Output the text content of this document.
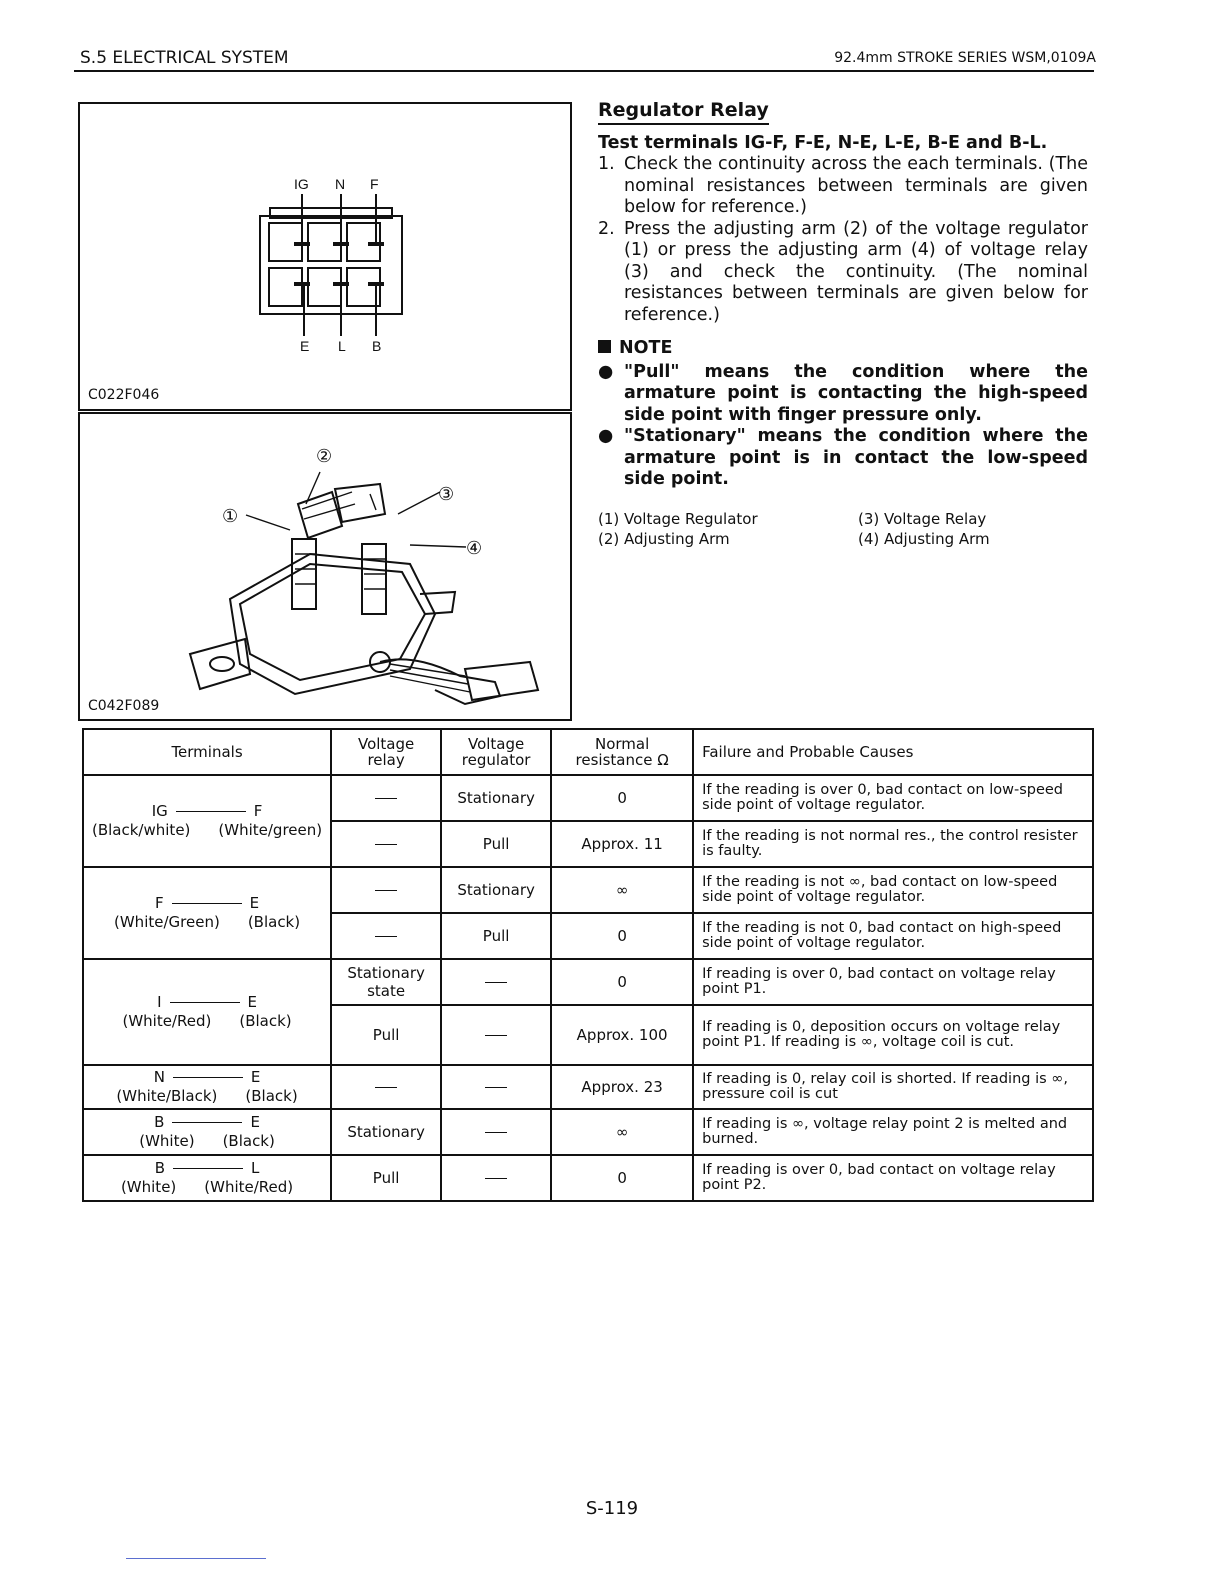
S.5 ELECTRICAL SYSTEM	92.4mm STROKE SERIES WSM,0109A
IG N F
E L B
C022F046
①
②
③
④
C042F089
Regulator Relay
Test terminals IG-F, F-E, N-E, L-E, B-E and B-L.
1. Check the continuity across the each terminals. (The nominal resistances between terminals are given below for reference.)
2. Press the adjusting arm (2) of the voltage regulator (1) or press the adjusting arm (4) of voltage relay (3) and check the continuity. (The nominal resistances between terminals are given below for reference.)
NOTE
● "Pull" means the condition where the armature point is contacting the high-speed side point with finger pressure only.
● "Stationary" means the condition where the armature point is in contact the low-speed side point.
(1) Voltage Regulator	(3) Voltage Relay
(2) Adjusting Arm	(4) Adjusting Arm
Terminals	Voltage relay	Voltage regulator	Normal resistance Ω	Failure and Probable Causes

IG F
(Black/white) (White/green)		Stationary	0	If the reading is over 0, bad contact on low-speed side point of voltage regulator.
		Pull	Approx. 11	If the reading is not normal res., the control resister is faulty.

F E
(White/Green) (Black)		Stationary	∞	If the reading is not ∞, bad contact on low-speed side point of voltage regulator.
		Pull	0	If the reading is not 0, bad contact on high-speed side point of voltage regulator.

I E
(White/Red) (Black)	Stationary state		0	If reading is over 0, bad contact on voltage relay point P1.
	Pull		Approx. 100	If reading is 0, deposition occurs on voltage relay point P1. If reading is ∞, voltage coil is cut.

N E
(White/Black) (Black)			Approx. 23	If reading is 0, relay coil is shorted. If reading is ∞, pressure coil is cut

B E
(White) (Black)	Stationary		∞	If reading is ∞, voltage relay point 2 is melted and burned.

B L
(White) (White/Red)	Pull		0	If reading is over 0, bad contact on voltage relay point P2.
S-119
